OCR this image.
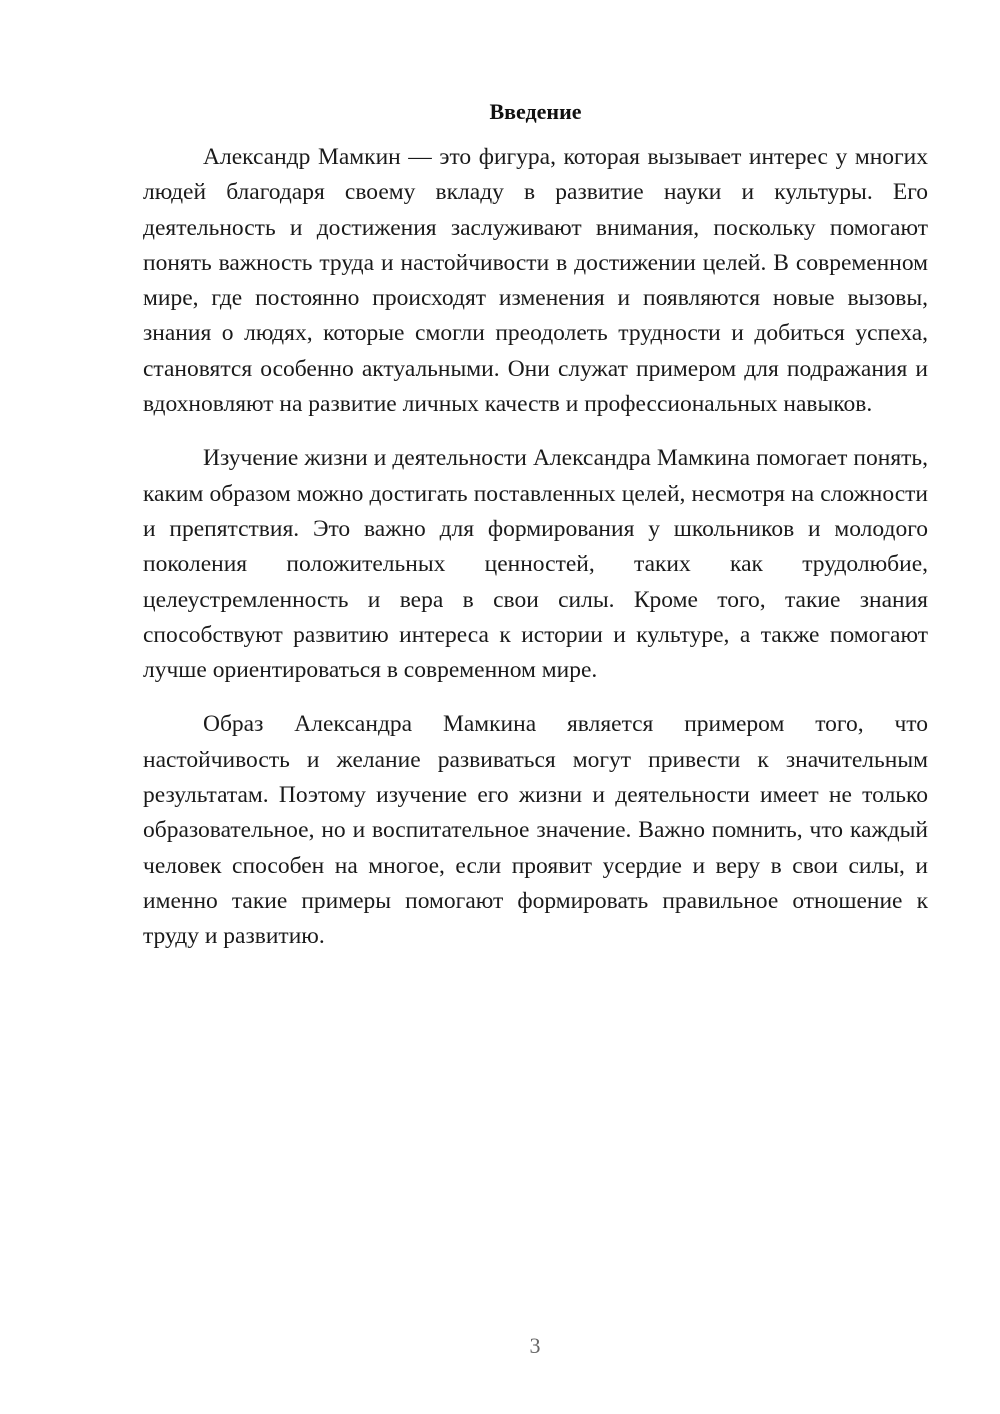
Введение

Александр Мамкин — это фигура, которая вызывает интерес у многих людей благодаря своему вкладу в развитие науки и культуры. Его деятельность и достижения заслуживают внимания, поскольку помогают понять важность труда и настойчивости в достижении целей. В современном мире, где постоянно происходят изменения и появляются новые вызовы, знания о людях, которые смогли преодолеть трудности и добиться успеха, становятся особенно актуальными. Они служат примером для подражания и вдохновляют на развитие личных качеств и профессиональных навыков.

Изучение жизни и деятельности Александра Мамкина помогает понять, каким образом можно достигать поставленных целей, несмотря на сложности и препятствия. Это важно для формирования у школьников и молодого поколения положительных ценностей, таких как трудолюбие, целеустремленность и вера в свои силы. Кроме того, такие знания способствуют развитию интереса к истории и культуре, а также помогают лучше ориентироваться в современном мире.

Образ Александра Мамкина является примером того, что настойчивость и желание развиваться могут привести к значительным результатам. Поэтому изучение его жизни и деятельности имеет не только образовательное, но и воспитательное значение. Важно помнить, что каждый человек способен на многое, если проявит усердие и веру в свои силы, и именно такие примеры помогают формировать правильное отношение к труду и развитию.

3
